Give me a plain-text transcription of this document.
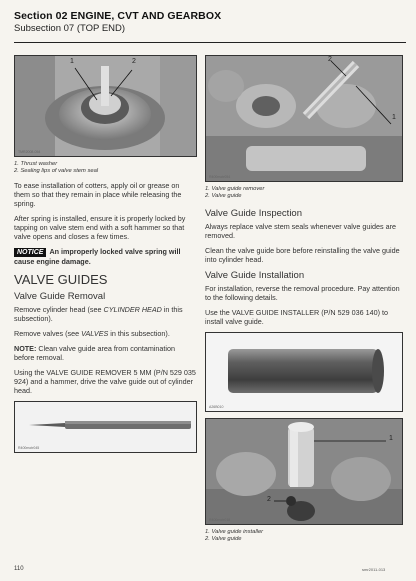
Section 02 ENGINE, CVT AND GEARBOX
Subsection 07 (TOP END)
1	2
TMR2008-054
1. Thrust washer
2. Sealing lips of valve stem seal

To ease installation of cotters, apply oil or grease on them so that they remain in place while releasing the spring.

After spring is installed, ensure it is properly locked by tapping on valve stem end with a soft hammer so that valve opens and closes a few times.

NOTICE An improperly locked valve spring will cause engine damage.

VALVE GUIDES
Valve Guide Removal

Remove cylinder head (see CYLINDER HEAD in this subsection).

Remove valves (see VALVES in this subsection).

NOTE: Clean valve guide area from contamination before removal.

Using the VALVE GUIDE REMOVER 5 MM (P/N 529 035 924) and a hammer, drive the valve guide out of cylinder head.

R400motr045
2
1
R400motr054
1. Valve guide remover
2. Valve guide
Valve Guide Inspection

Always replace valve stem seals whenever valve guides are removed.

Clean the valve guide bore before reinstalling the valve guide into cylinder head.

Valve Guide Installation

For installation, reverse the removal procedure. Pay attention to the following details.

Use the VALVE GUIDE INSTALLER (P/N 529 036 140) to install valve guide.

A26B010
1
2
R400motr018
1. Valve guide installer
2. Valve guide
110	smr2011-013
